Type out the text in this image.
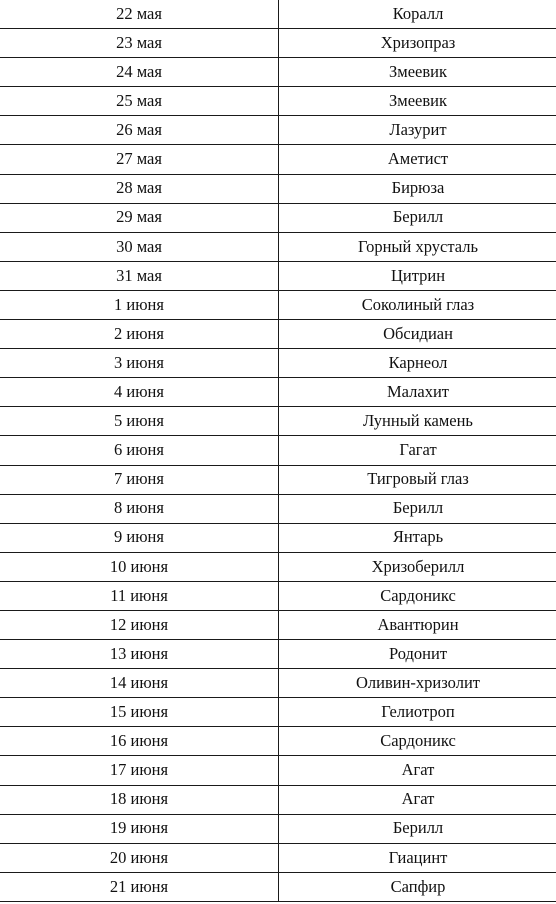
22 мая	Коралл
23 мая	Хризопраз
24 мая	Змеевик
25 мая	Змеевик
26 мая	Лазурит
27 мая	Аметист
28 мая	Бирюза
29 мая	Берилл
30 мая	Горный хрусталь
31 мая	Цитрин
1 июня	Соколиный глаз
2 июня	Обсидиан
3 июня	Карнеол
4 июня	Малахит
5 июня	Лунный камень
6 июня	Гагат
7 июня	Тигровый глаз
8 июня	Берилл
9 июня	Янтарь
10 июня	Хризоберилл
11 июня	Сардоникс
12 июня	Авантюрин
13 июня	Родонит
14 июня	Оливин-хризолит
15 июня	Гелиотроп
16 июня	Сардоникс
17 июня	Агат
18 июня	Агат
19 июня	Берилл
20 июня	Гиацинт
21 июня	Сапфир
